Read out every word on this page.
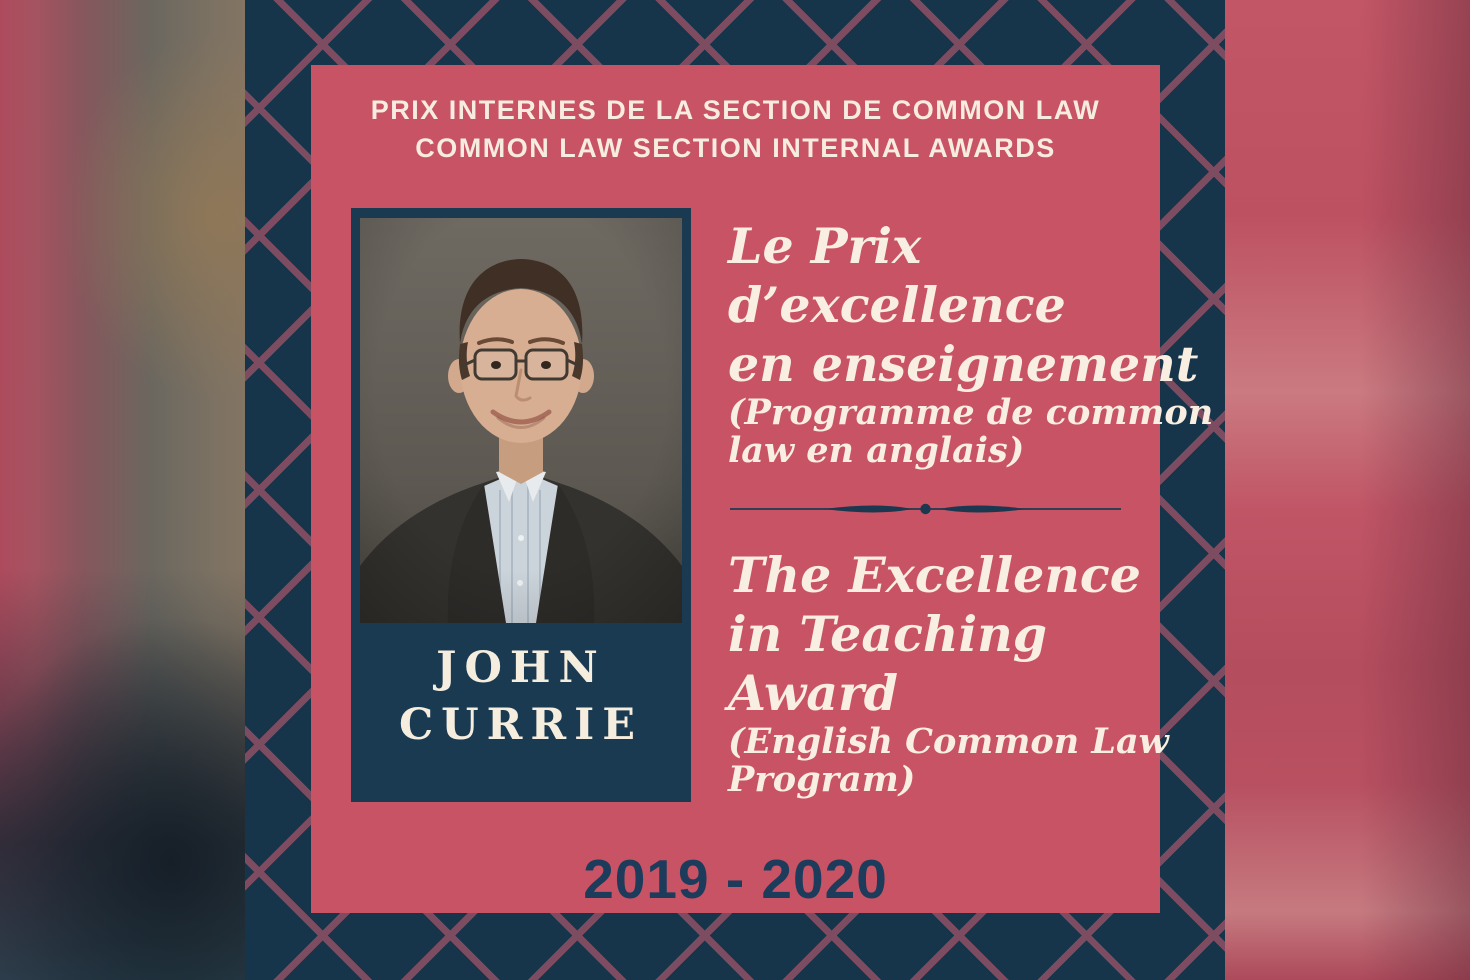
PRIX INTERNES DE LA SECTION DE COMMON LAW
COMMON LAW SECTION INTERNAL AWARDS
JOHN
CURRIE
Le Prix
d’excellence
en enseignement
(Programme de common
law en anglais)
The Excellence
in Teaching
Award
(English Common Law
Program)
2019 - 2020
